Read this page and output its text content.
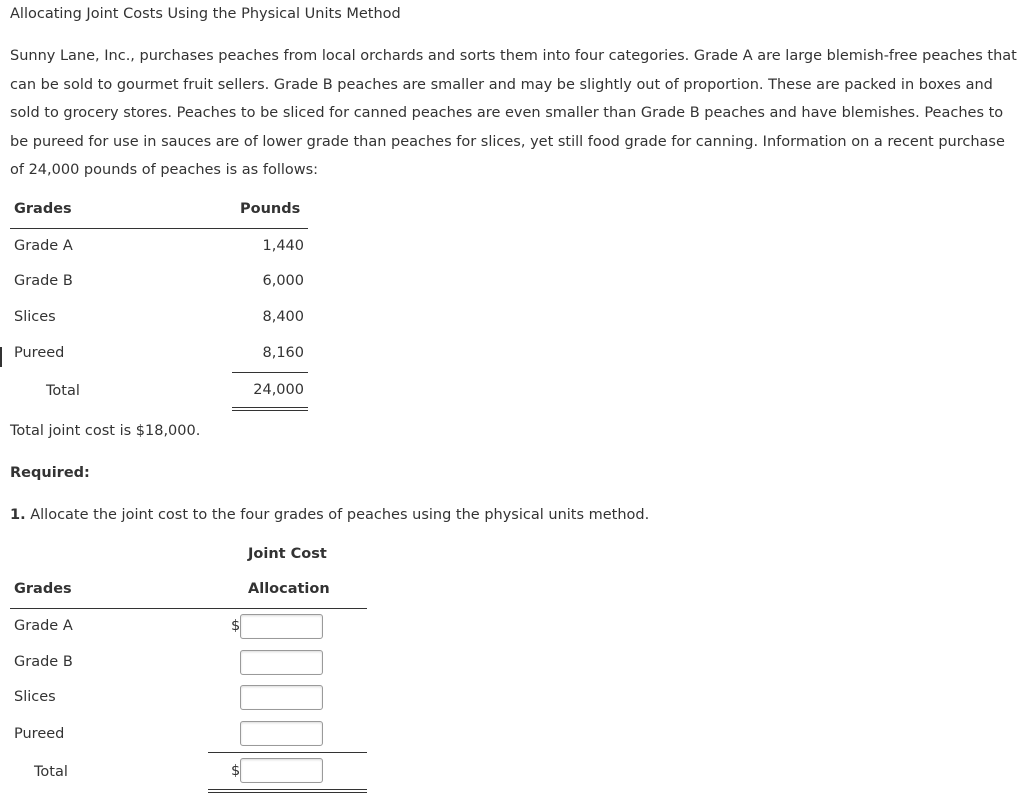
Allocating Joint Costs Using the Physical Units Method
Sunny Lane, Inc., purchases peaches from local orchards and sorts them into four categories. Grade A are large blemish-free peaches that can be sold to gourmet fruit sellers. Grade B peaches are smaller and may be slightly out of proportion. These are packed in boxes and sold to grocery stores. Peaches to be sliced for canned peaches are even smaller than Grade B peaches and have blemishes. Peaches to be pureed for use in sauces are of lower grade than peaches for slices, yet still food grade for canning. Information on a recent purchase of 24,000 pounds of peaches is as follows:
Grades	Pounds
Grade A	1,440
Grade B	6,000
Slices	8,400
Pureed	8,160
Total	24,000
Total joint cost is $18,000.
Required:
1. Allocate the joint cost to the four grades of peaches using the physical units method.
Joint Cost
Grades	Allocation
Grade A	$
Grade B
Slices
Pureed
Total	$
